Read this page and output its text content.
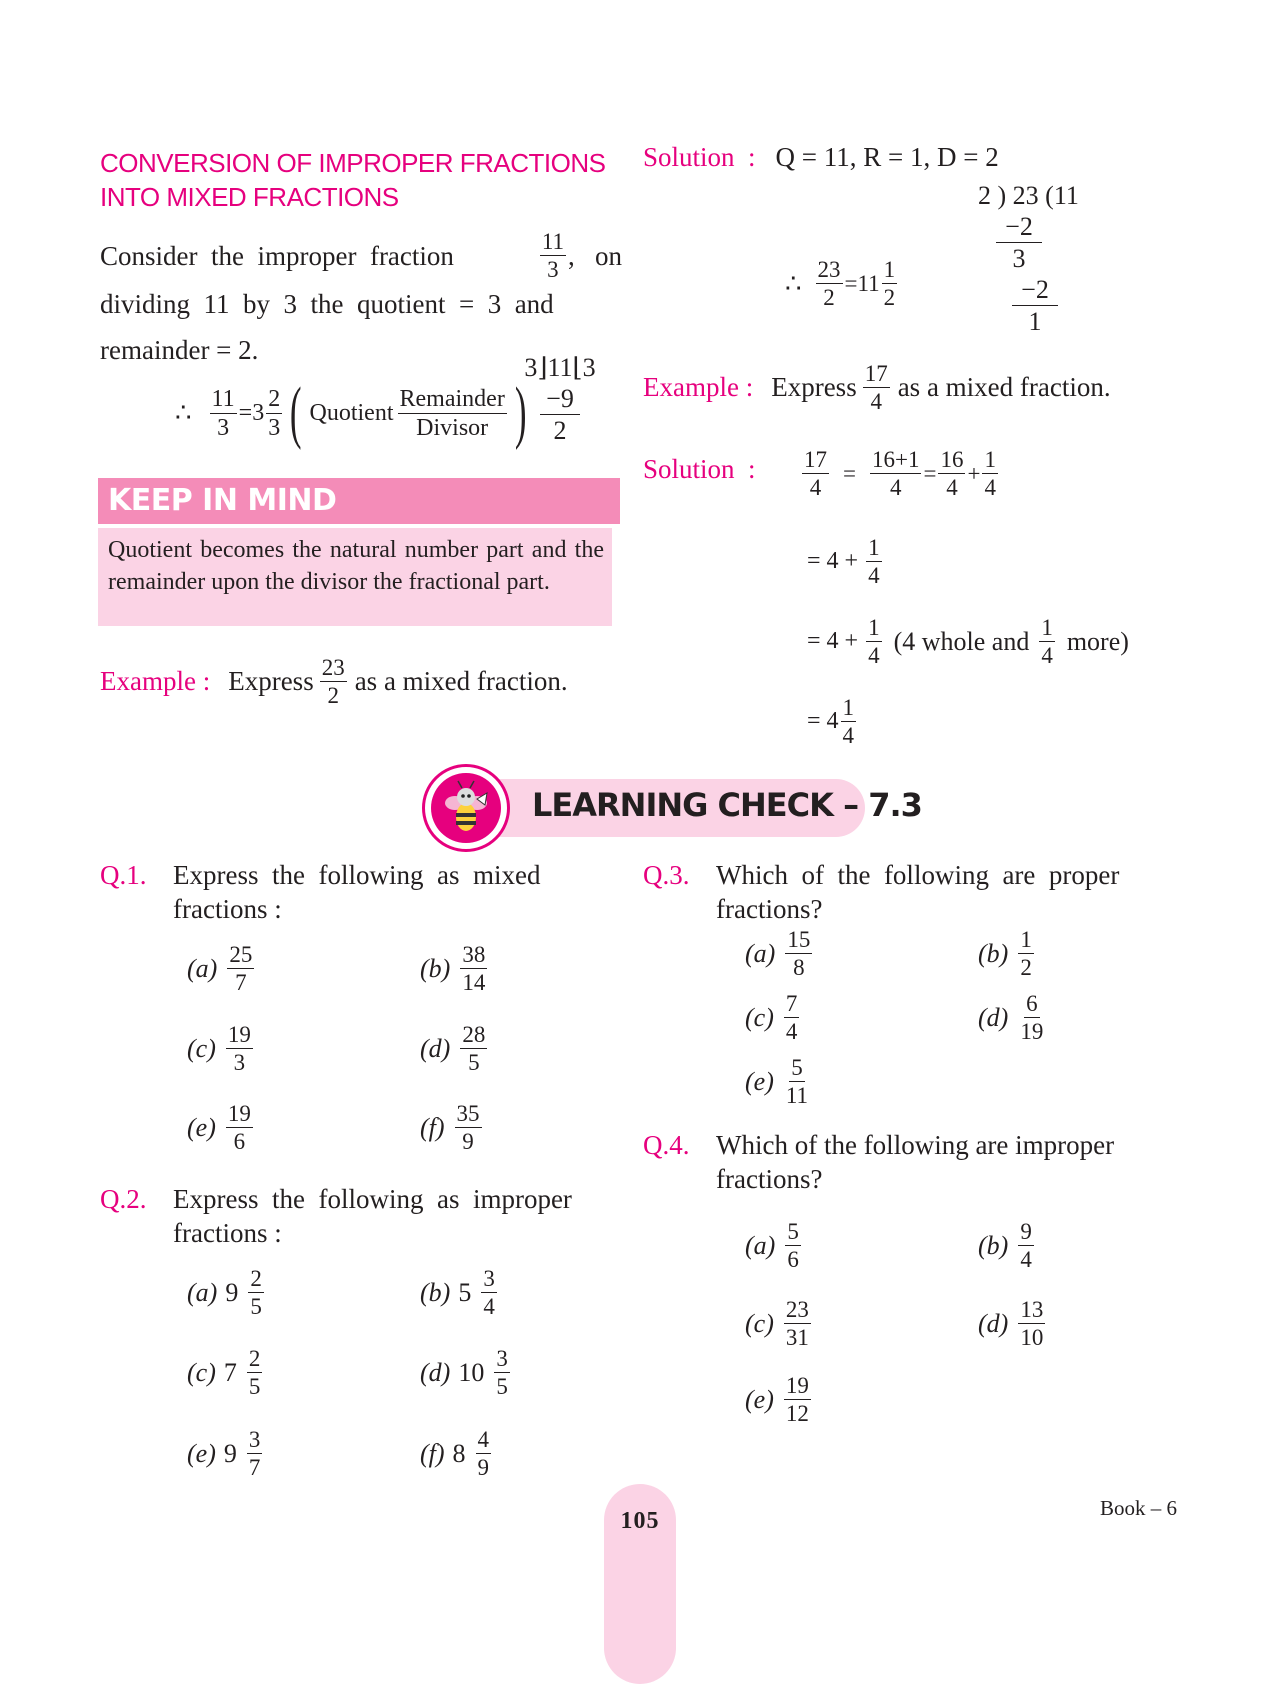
CONVERSION OF IMPROPER FRACTIONS
INTO MIXED FRACTIONS
Consider  the  improper  fraction	$\frac{11}{3}$ ,   on
dividing  11  by  3  the  quotient  =  3  and
remainder = 2.
∴ $\frac{11}{3} =3 \frac{2}{3}$ ( Quotient $\frac{\text{Remainder}}{\text{Divisor}}$ )
3⌋11⌊3
−9
2
KEEP IN MIND
Quotient becomes the natural number part and the remainder upon the divisor the fractional part.
Example : Express $\frac{23}{2}$ as a mixed fraction.
Solution  : Q = 11, R = 1, D = 2
2 ) 23 (11
−2
3
−2
1
∴ $\frac{23}{2} =11 \frac{1}{2}$
Example : Express $\frac{17}{4}$ as a mixed fraction.
Solution  : $\frac{17}{4} = \frac{16+1}{4} = \frac{16}{4} + \frac{1}{4}$
= $4 + \frac{1}{4}$
= $4 + \frac{1}{4} (4$ whole and $\frac{1}{4}$ more)
= $4 \frac{1}{4}$
LEARNING CHECK – 7.3
Q.1. Express  the  following  as  mixed
fractions :
$(a) \frac{25}{7}$	$(b) \frac{38}{14}$
$(c) \frac{19}{3}$	$(d) \frac{28}{5}$
$(e) \frac{19}{6}$	$(f) \frac{35}{9}$
Q.2. Express  the  following  as  improper
fractions :
(a) $9 \frac{2}{5}$	(b) $5 \frac{3}{4}$
(c) $7 \frac{2}{5}$	(d) $10 \frac{3}{5}$
(e) $9 \frac{3}{7}$	(f) $8 \frac{4}{9}$
Q.3. Which  of  the  following  are  proper
fractions?
$(a) \frac{15}{8}$	$(b) \frac{1}{2}$
$(c) \frac{7}{4}$	$(d) \frac{6}{19}$
$(e) \frac{5}{11}$
Q.4. Which of the following are improper
fractions?
$(a) \frac{5}{6}$	$(b) \frac{9}{4}$
$(c) \frac{23}{31}$	$(d) \frac{13}{10}$
$(e) \frac{19}{12}$
105	Book – 6
